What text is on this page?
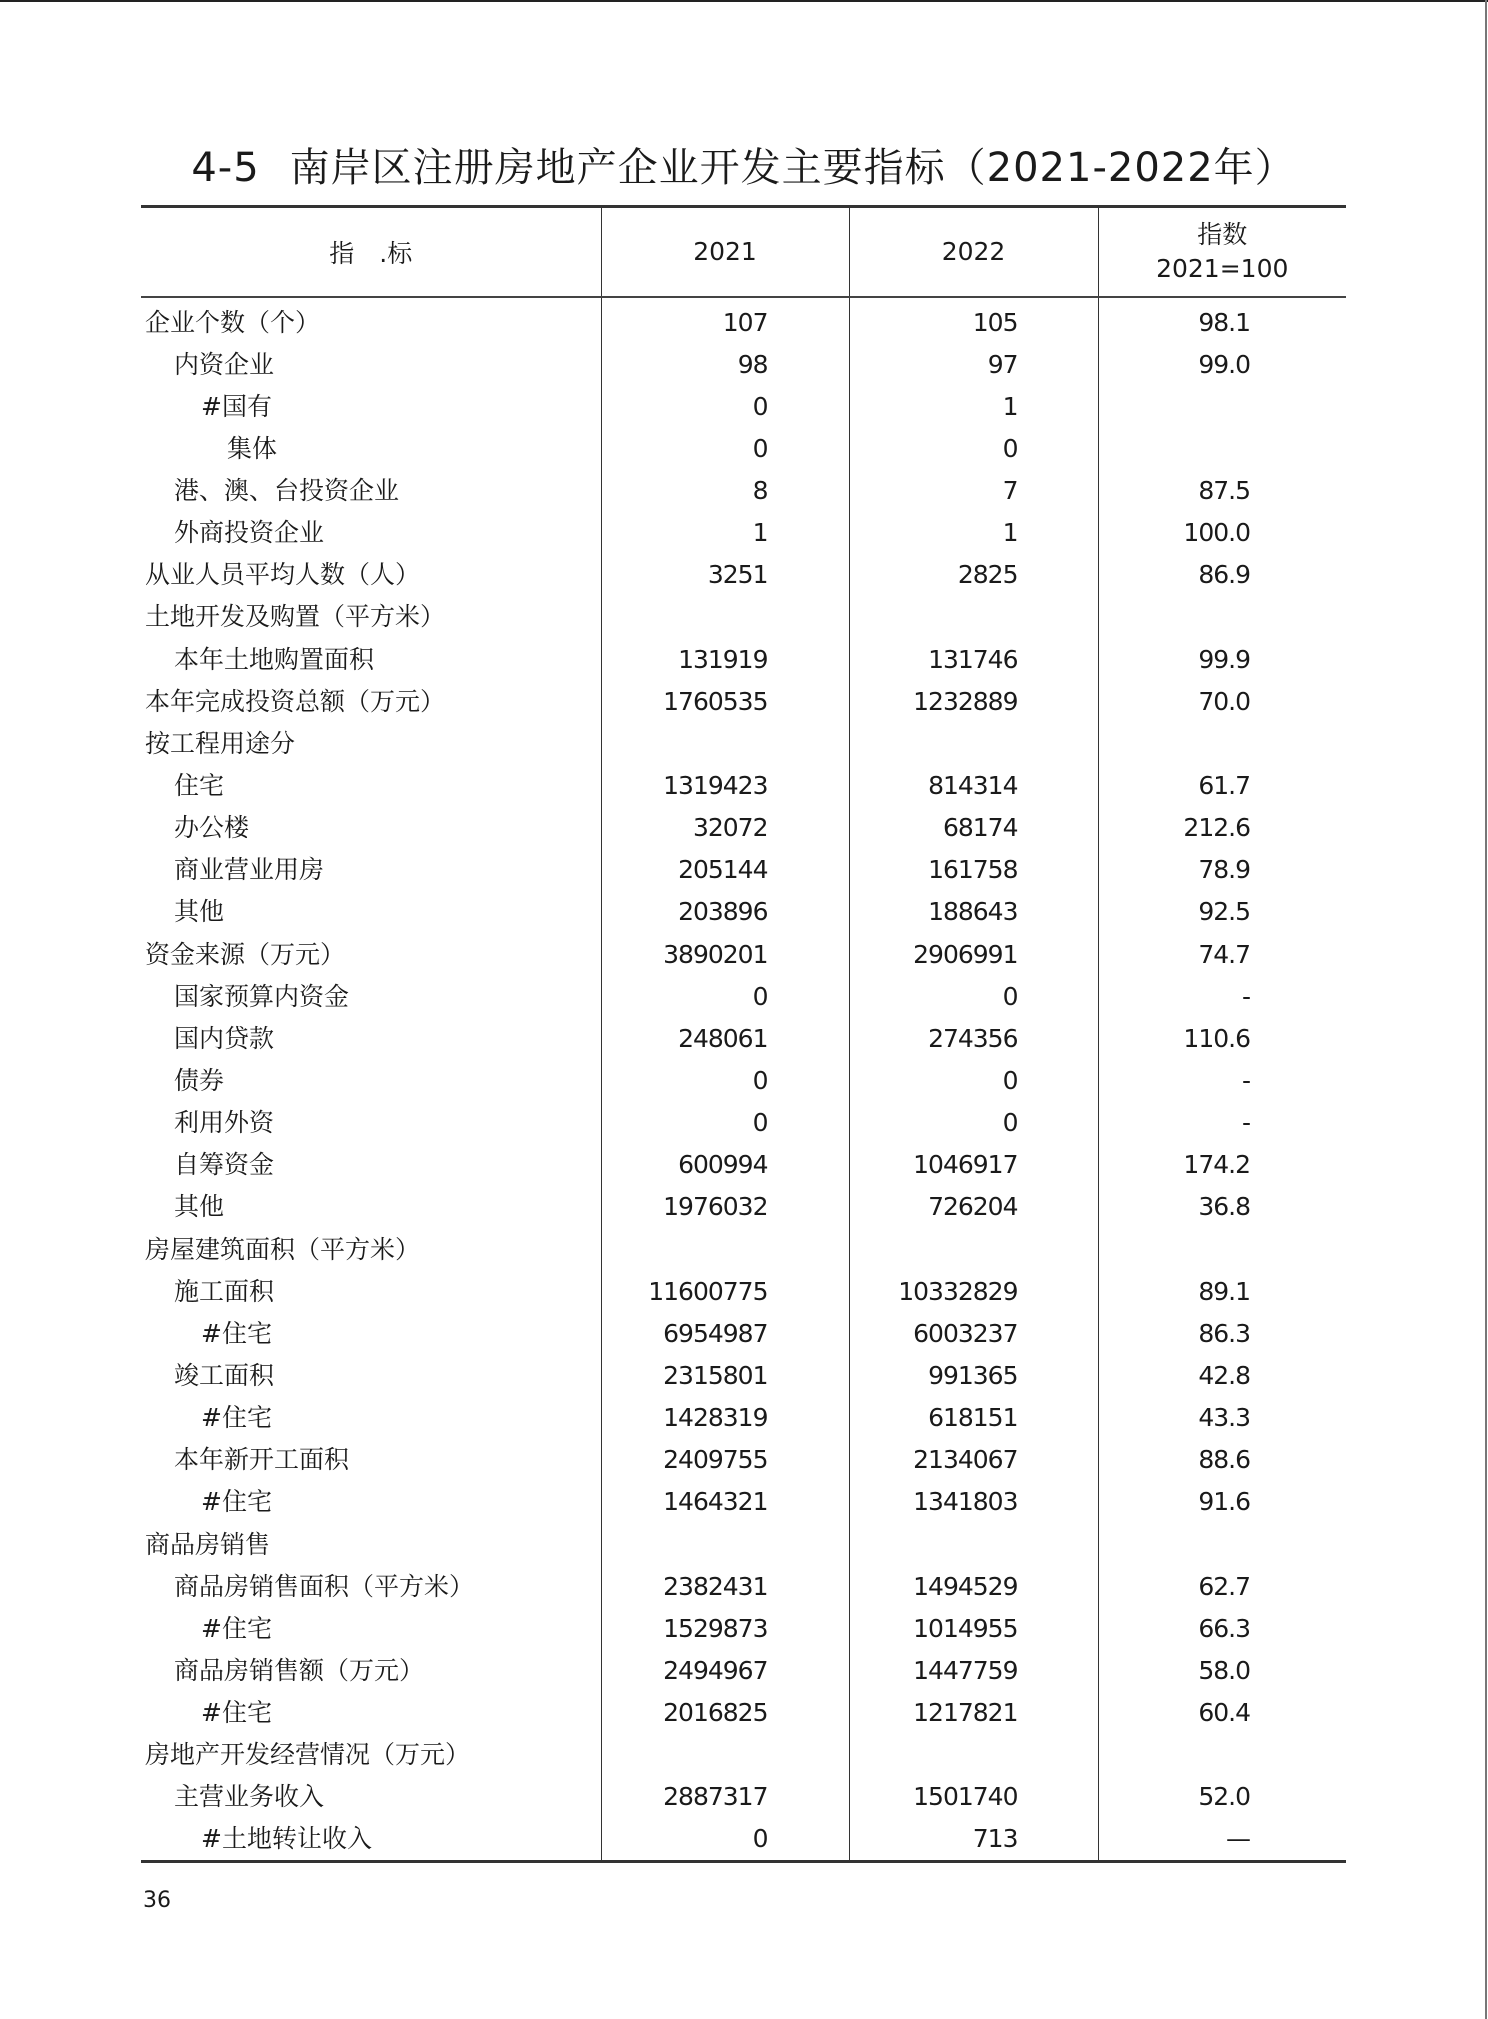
4-5 南岸区注册房地产企业开发主要指标（2021-2022年）
指　.标	2021	2022	指数
2021=100

企业个数（个）	107	105	98.1
内资企业	98	97	99.0
#国有	0	1	
集体	0	0	
港、澳、台投资企业	8	7	87.5
外商投资企业	1	1	100.0
从业人员平均人数（人）	3251	2825	86.9
土地开发及购置（平方米）			
本年土地购置面积	131919	131746	99.9
本年完成投资总额（万元）	1760535	1232889	70.0
按工程用途分			
住宅	1319423	814314	61.7
办公楼	32072	68174	212.6
商业营业用房	205144	161758	78.9
其他	203896	188643	92.5
资金来源（万元）	3890201	2906991	74.7
国家预算内资金	0	0	-
国内贷款	248061	274356	110.6
债券	0	0	-
利用外资	0	0	-
自筹资金	600994	1046917	174.2
其他	1976032	726204	36.8
房屋建筑面积（平方米）			
施工面积	11600775	10332829	89.1
#住宅	6954987	6003237	86.3
竣工面积	2315801	991365	42.8
#住宅	1428319	618151	43.3
本年新开工面积	2409755	2134067	88.6
#住宅	1464321	1341803	91.6
商品房销售			
商品房销售面积（平方米）	2382431	1494529	62.7
#住宅	1529873	1014955	66.3
商品房销售额（万元）	2494967	1447759	58.0
#住宅	2016825	1217821	60.4
房地产开发经营情况（万元）			
主营业务收入	2887317	1501740	52.0
#土地转让收入	0	713	—
36
